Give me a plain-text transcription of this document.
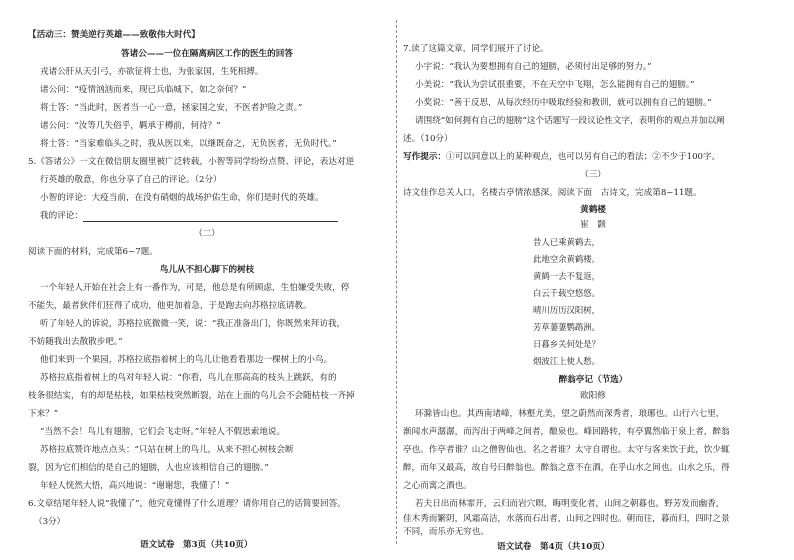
【活动三：赞美逆行英雄——致敬伟大时代】
答诸公——一位在隔离病区工作的医生的回答
戎诸公肝从天引弓，亦欲征将士也，为张家国，生死相搏。
诸公问：“疫情汹汹而来，现已兵临城下，如之奈何？”
将士答：“当此时，医者当一心一意，拯家国之安，不医者护险之责。”
诸公问：“汝等几失俗乎，羁承于樽前，何待？”
将士答：“当家难临头之时，我从医以来，以继既奋之，无负医者，无负时代。”
5.《答诸公》一文在微信朋友圈里被广泛转载，小智等同学纷纷点赞、评论，表达对逆
行英雄的敬意，你也分享了自己的评论。（2分）
小智的评论：大疫当前，在没有硝烟的战场护佑生命，你们是时代的英雄。
我的评论：
（二）
阅读下面的材料，完成第6~7题。
鸟儿从不担心脚下的树枝
一个年轻人开始在社会上有一番作为，可是，他总是有所顾虑，生怕嫌受失败，停
不能失，最者狄伴们狂得了成功，他更加着急，于是跑去向苏格拉底请教。
听了年轻人的诉说，苏格拉底微微一笑，说：“我正准备出门，你既然来拜访我，
不妨随我出去散散步吧。”
他们来到一个果园，苏格拉底指着树上的鸟儿让他看看那边一棵树上的小鸟。
苏格拉底指着树上的鸟对年轻人说：“你看，鸟儿在那高高的枝头上跳跃，有的
枝条很结实，有的却是枯枝，如果枯枝突然断裂，站在上面的鸟儿会不会随枯枝一齐掉
下来？”
“当然不会！鸟儿有翅膀，它们会飞走呀。”年轻人不假思索地说。
苏格拉底赞许地点点头：“只站在树上的鸟儿，从来不担心树枝会断
裂，因为它们相信的是自己的翅膀，人也应该相信自己的翅膀。”
年轻人恍然大悟，高兴地说：“谢谢您，我懂了！”
6.文章结尾年轻人说“我懂了”，他究竟懂得了什么道理？请你用自己的话简要回答。
（3分）
语文试卷　第3页（共10页）
7.读了这篇文章，同学们展开了讨论。
小宇说：“我认为要想拥有自己的翅膀，必须付出足够的努力。”
小美说：“我认为尝试很重要，不在天空中飞翔，怎么能拥有自己的翅膀。”
小奖说：“善于反思，从每次经历中吸取经验和教训，就可以拥有自己的翅膀。”
请围绕“如何拥有自己的翅膀”这个话题写一段议论性文字，表明你的观点并加以阐
述。（10分）
写作提示：①可以同意以上的某种观点，也可以另有自己的看法；②不少于100字。
（三）
诗文佳作总关人口，名楼古亭情浓感深。阅读下面　古诗文，完成第8~11题。
黄鹤楼
崔　颢
昔人已乘黄鹤去，
此地空余黄鹤楼。
黄鹤一去不复返，
白云千载空悠悠。
晴川历历汉阳树，
芳草萋萋鹦鹉洲。
日暮乡关何处是？
烟波江上使人愁。
醉翁亭记（节选）
欧阳修
环滁皆山也。其西南诸峰，林壑尤美，望之蔚然而深秀者，琅琊也。山行六七里，
渐闻水声潺潺，而泻出于两峰之间者，酿泉也。峰回路转，有亭翼然临于泉上者，醉翁
亭也。作亭者谁？山之僧智仙也。名之者谁？太守自谓也。太守与客来饮于此，饮少辄
醉，而年又最高，故自号曰醉翁也。醉翁之意不在酒，在乎山水之间也。山水之乐，得
之心而寓之酒也。
若夫日出而林霏开，云归而岩穴暝，晦明变化者，山间之朝暮也。野芳发而幽香，
佳木秀而繁阴，风霜高洁，水落而石出者，山间之四时也。朝而往，暮而归，四时之景
不同，而乐亦无穷也。
语文试卷　第4页（共10页）
